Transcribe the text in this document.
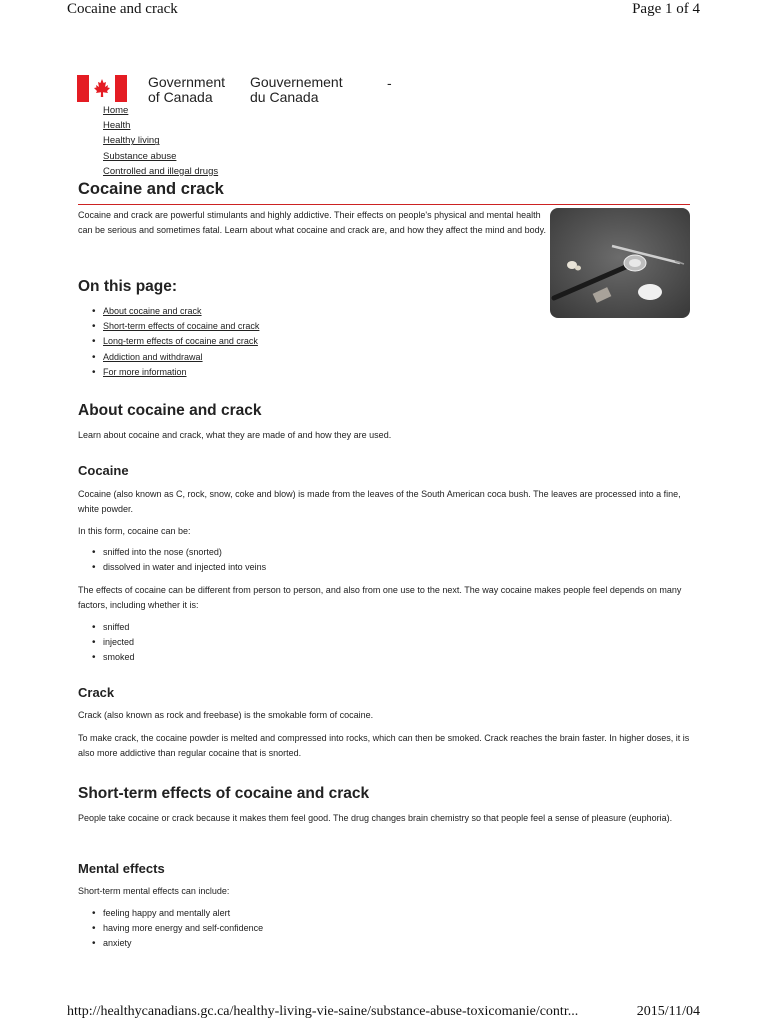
Cocaine and crack	Page 1 of 4
Government
of Canada
Gouvernement
du Canada
-
Home
Health
Healthy living
Substance abuse
Controlled and illegal drugs
Cocaine and crack

Cocaine and crack are powerful stimulants and highly addictive. Their effects on people's physical and mental health can be serious and sometimes fatal. Learn about what cocaine and crack are, and how they affect the mind and body.

On this page:
• About cocaine and crack
• Short-term effects of cocaine and crack
• Long-term effects of cocaine and crack
• Addiction and withdrawal
• For more information
About cocaine and crack

Learn about cocaine and crack, what they are made of and how they are used.

Cocaine

Cocaine (also known as C, rock, snow, coke and blow) is made from the leaves of the South American coca bush. The leaves are processed into a fine, white powder.

In this form, cocaine can be:

• sniffed into the nose (snorted)
• dissolved in water and injected into veins

The effects of cocaine can be different from person to person, and also from one use to the next. The way cocaine makes people feel depends on many factors, including whether it is:

• sniffed
• injected
• smoked
Crack

Crack (also known as rock and freebase) is the smokable form of cocaine.

To make crack, the cocaine powder is melted and compressed into rocks, which can then be smoked. Crack reaches the brain faster. In higher doses, it is also more addictive than regular cocaine that is snorted.

Short-term effects of cocaine and crack

People take cocaine or crack because it makes them feel good. The drug changes brain chemistry so that people feel a sense of pleasure (euphoria).

Mental effects

Short-term mental effects can include:

• feeling happy and mentally alert
• having more energy and self-confidence
• anxiety
http://healthycanadians.gc.ca/healthy-living-vie-saine/substance-abuse-toxicomanie/contr...	2015/11/04
